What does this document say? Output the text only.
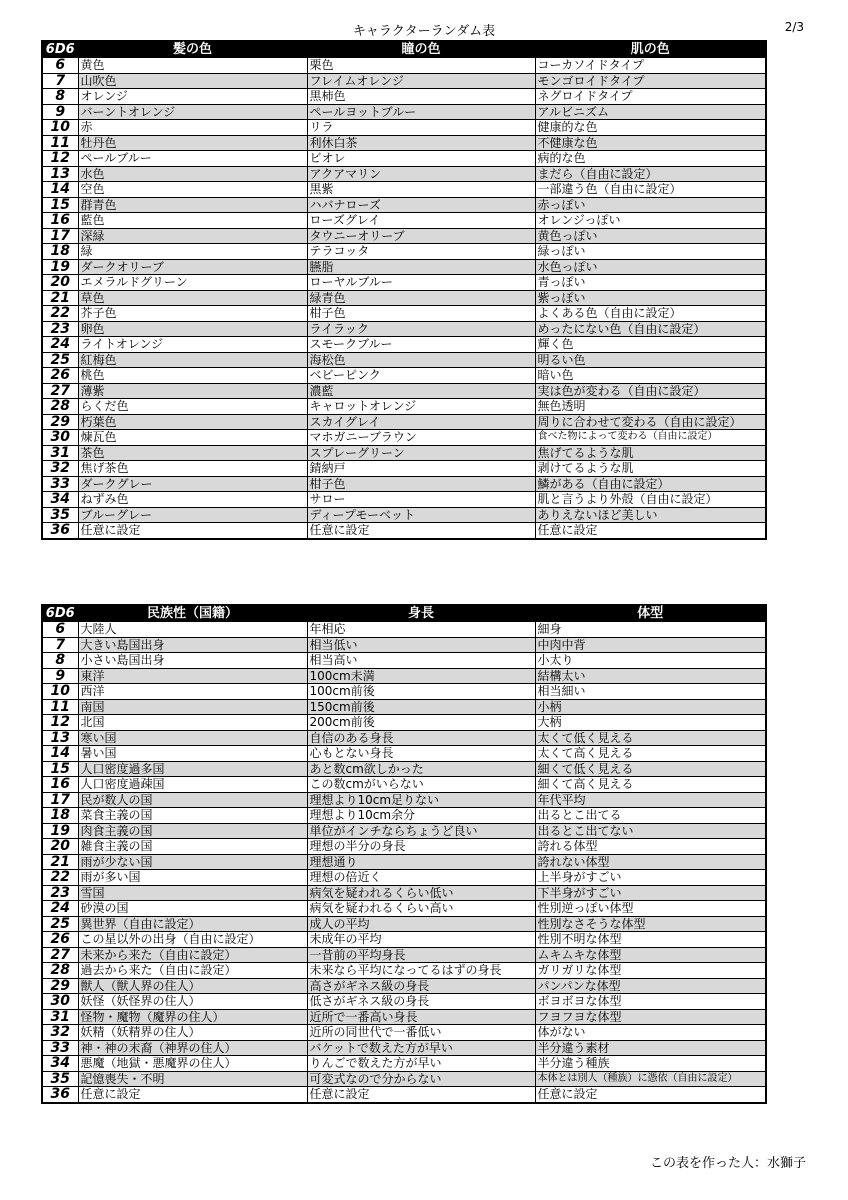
キャラクターランダム表	2/3
6D6	髪の色	瞳の色	肌の色
6	黄色	栗色	コーカソイドタイプ
7	山吹色	フレイムオレンジ	モンゴロイドタイプ
8	オレンジ	黒柿色	ネグロイドタイプ
9	バーントオレンジ	ペールヨットブルー	アルビニズム
10	赤	リラ	健康的な色
11	牡丹色	利休白茶	不健康な色
12	ペールブルー	ビオレ	病的な色
13	水色	アクアマリン	まだら（自由に設定）
14	空色	黒紫	一部違う色（自由に設定）
15	群青色	ハバナローズ	赤っぽい
16	藍色	ローズグレイ	オレンジっぽい
17	深緑	タウニーオリーブ	黄色っぽい
18	緑	テラコッタ	緑っぽい
19	ダークオリーブ	臙脂	水色っぽい
20	エメラルドグリーン	ローヤルブルー	青っぽい
21	草色	緑青色	紫っぽい
22	芥子色	柑子色	よくある色（自由に設定）
23	卵色	ライラック	めったにない色（自由に設定）
24	ライトオレンジ	スモークブルー	輝く色
25	紅梅色	海松色	明るい色
26	桃色	ベビーピンク	暗い色
27	薄紫	濃藍	実は色が変わる（自由に設定）
28	らくだ色	キャロットオレンジ	無色透明
29	朽葉色	スカイグレイ	周りに合わせて変わる（自由に設定）
30	煉瓦色	マホガニーブラウン	食べた物によって変わる（自由に設定）
31	茶色	スプレーグリーン	焦げてるような肌
32	焦げ茶色	錆納戸	剥けてるような肌
33	ダークグレー	柑子色	鱗がある（自由に設定）
34	ねずみ色	サロー	肌と言うより外殻（自由に設定）
35	ブルーグレー	ディープモーベット	ありえないほど美しい
36	任意に設定	任意に設定	任意に設定
6D6	民族性（国籍）	身長	体型
6	大陸人	年相応	細身
7	大きい島国出身	相当低い	中肉中背
8	小さい島国出身	相当高い	小太り
9	東洋	100cm未満	結構太い
10	西洋	100cm前後	相当細い
11	南国	150cm前後	小柄
12	北国	200cm前後	大柄
13	寒い国	自信のある身長	太くて低く見える
14	暑い国	心もとない身長	太くて高く見える
15	人口密度過多国	あと数cm欲しかった	細くて低く見える
16	人口密度過疎国	この数cmがいらない	細くて高く見える
17	民が数人の国	理想より10cm足りない	年代平均
18	菜食主義の国	理想より10cm余分	出るとこ出てる
19	肉食主義の国	単位がインチならちょうど良い	出るとこ出てない
20	雑食主義の国	理想の半分の身長	誇れる体型
21	雨が少ない国	理想通り	誇れない体型
22	雨が多い国	理想の倍近く	上半身がすごい
23	雪国	病気を疑われるくらい低い	下半身がすごい
24	砂漠の国	病気を疑われるくらい高い	性別逆っぽい体型
25	異世界（自由に設定）	成人の平均	性別なさそうな体型
26	この星以外の出身（自由に設定）	未成年の平均	性別不明な体型
27	未来から来た（自由に設定）	一昔前の平均身長	ムキムキな体型
28	過去から来た（自由に設定）	未来なら平均になってるはずの身長	ガリガリな体型
29	獣人（獣人界の住人）	高さがギネス級の身長	パンパンな体型
30	妖怪（妖怪界の住人）	低さがギネス級の身長	ボヨボヨな体型
31	怪物・魔物（魔界の住人）	近所で一番高い身長	フヨフヨな体型
32	妖精（妖精界の住人）	近所の同世代で一番低い	体がない
33	神・神の末裔（神界の住人）	バケットで数えた方が早い	半分違う素材
34	悪魔（地獄・悪魔界の住人）	りんごで数えた方が早い	半分違う種族
35	記憶喪失・不明	可変式なので分からない	本体とは別人（種族）に憑依（自由に設定）
36	任意に設定	任意に設定	任意に設定
この表を作った人：水獅子
